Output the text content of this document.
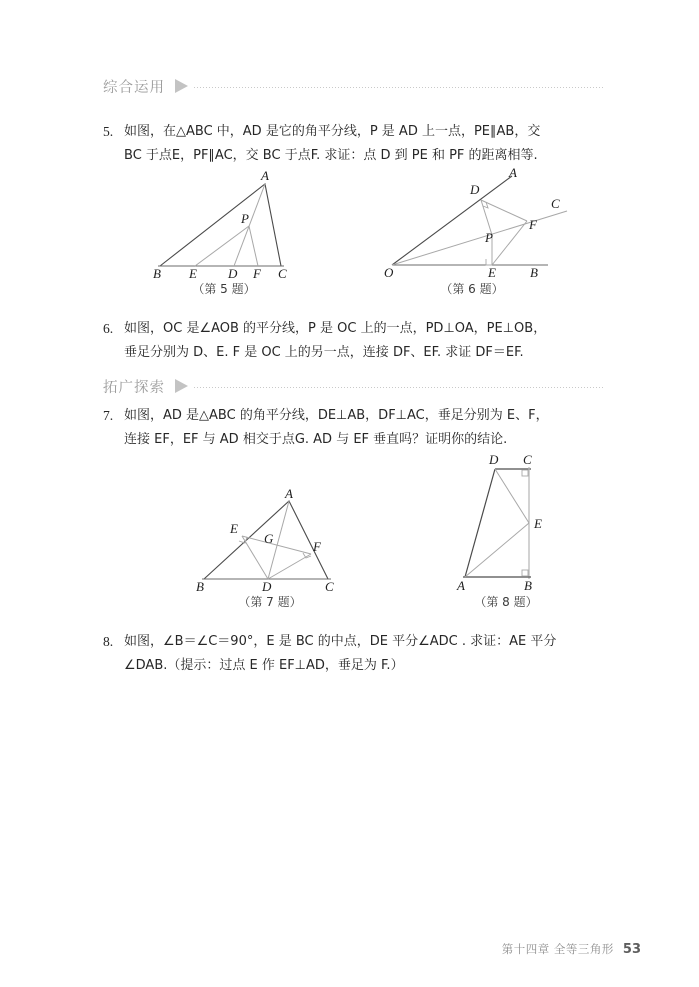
综合运用
5. 如图，在△ABC 中，AD 是它的角平分线，P 是 AD 上一点，PE∥AB，交
BC 于点E，PF∥AC，交 BC 于点F. 求证：点 D 到 PE 和 PF 的距离相等.
A
P
B E D F C
（第 5 题）
A
C
D
F
P
O	E	B
（第 6 题）
6. 如图，OC 是∠AOB 的平分线，P 是 OC 上的一点，PD⊥OA，PE⊥OB，
垂足分别为 D、E. F 是 OC 上的另一点，连接 DF、EF. 求证 DF＝EF.
拓广探索
7. 如图，AD 是△ABC 的角平分线，DE⊥AB，DF⊥AC，垂足分别为 E、F，
连接 EF，EF 与 AD 相交于点G. AD 与 EF 垂直吗？证明你的结论.
A
E
G
F
B	D	C
（第 7 题）
D C
E
A	B
（第 8 题）
8. 如图，∠B＝∠C＝90°，E 是 BC 的中点，DE 平分∠ADC . 求证：AE 平分
∠DAB.（提示：过点 E 作 EF⊥AD，垂足为 F.）
第十四章 全等三角形 53
